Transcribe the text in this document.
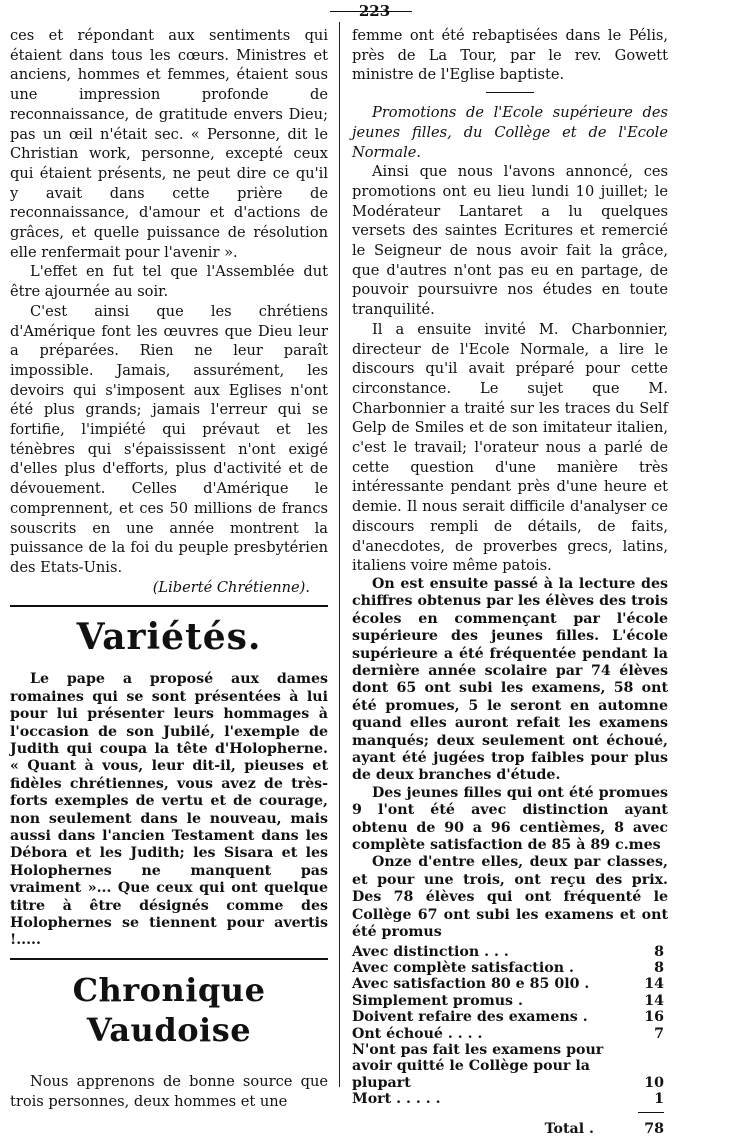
223

ces et répondant aux sentiments qui étaient dans tous les cœurs. Ministres et anciens, hommes et femmes, étaient sous une impression profonde de reconnaissance, de gratitude envers Dieu; pas un œil n'était sec. « Personne, dit le Christian work, personne, excepté ceux qui étaient présents, ne peut dire ce qu'il y avait dans cette prière de reconnaissance, d'amour et d'actions de grâces, et quelle puissance de résolution elle renfermait pour l'avenir ».

L'effet en fut tel que l'Assemblée dut être ajournée au soir.

C'est ainsi que les chrétiens d'Amérique font les œuvres que Dieu leur a préparées. Rien ne leur paraît impossible. Jamais, assurément, les devoirs qui s'imposent aux Eglises n'ont été plus grands; jamais l'erreur qui se fortifie, l'impiété qui prévaut et les ténèbres qui s'épaississent n'ont exigé d'elles plus d'efforts, plus d'activité et de dévouement. Celles d'Amérique le comprennent, et ces 50 millions de francs souscrits en une année montrent la puissance de la foi du peuple presbytérien des Etats-Unis.

(Liberté Chrétienne).

Variétés.

Le pape a proposé aux dames romaines qui se sont présentées à lui pour lui présenter leurs hommages à l'occasion de son Jubilé, l'exemple de Judith qui coupa la tête d'Holopherne. « Quant à vous, leur dit-il, pieuses et fidèles chrétiennes, vous avez de très-forts exemples de vertu et de courage, non seulement dans le nouveau, mais aussi dans l'ancien Testament dans les Débora et les Judith; les Sisara et les Holophernes ne manquent pas vraiment »... Que ceux qui ont quelque titre à être désignés comme des Holophernes se tiennent pour avertis !.....

Chronique Vaudoise

Nous apprenons de bonne source que trois personnes, deux hommes et une

femme ont été rebaptisées dans le Pélis, près de La Tour, par le rev. Gowett ministre de l'Eglise baptiste.

Promotions de l'Ecole supérieure des jeunes filles, du Collège et de l'Ecole Normale.

Ainsi que nous l'avons annoncé, ces promotions ont eu lieu lundi 10 juillet; le Modérateur Lantaret a lu quelques versets des saintes Ecritures et remercié le Seigneur de nous avoir fait la grâce, que d'autres n'ont pas eu en partage, de pouvoir poursuivre nos études en toute tranquilité.

Il a ensuite invité M. Charbonnier, directeur de l'Ecole Normale, a lire le discours qu'il avait préparé pour cette circonstance. Le sujet que M. Charbonnier a traité sur les traces du Self Gelp de Smiles et de son imitateur italien, c'est le travail; l'orateur nous a parlé de cette question d'une manière très intéressante pendant près d'une heure et demie. Il nous serait difficile d'analyser ce discours rempli de détails, de faits, d'anecdotes, de proverbes grecs, latins, italiens voire même patois.

On est ensuite passé à la lecture des chiffres obtenus par les élèves des trois écoles en commençant par l'école supérieure des jeunes filles. L'école supérieure a été fréquentée pendant la dernière année scolaire par 74 élèves dont 65 ont subi les examens, 58 ont été promues, 5 le seront en automne quand elles auront refait les examens manqués; deux seulement ont échoué, ayant été jugées trop faibles pour plus de deux branches d'étude.

Des jeunes filles qui ont été promues 9 l'ont été avec distinction ayant obtenu de 90 a 96 centièmes, 8 avec complète satisfaction de 85 à 89 c.mes

Onze d'entre elles, deux par classes, et pour une trois, ont reçu des prix. Des 78 élèves qui ont fréquenté le Collège 67 ont subi les examens et ont été promus

Avec distinction . . .	8
Avec complète satisfaction .	8
Avec satisfaction 80 e 85 0l0 .	14
Simplement promus .	14
Doivent refaire des examens .	16
Ont échoué . . . .	7
N'ont pas fait les examens pour avoir quitté le Collège pour la plupart	10
Mort . . . . .	1
Total .	78
